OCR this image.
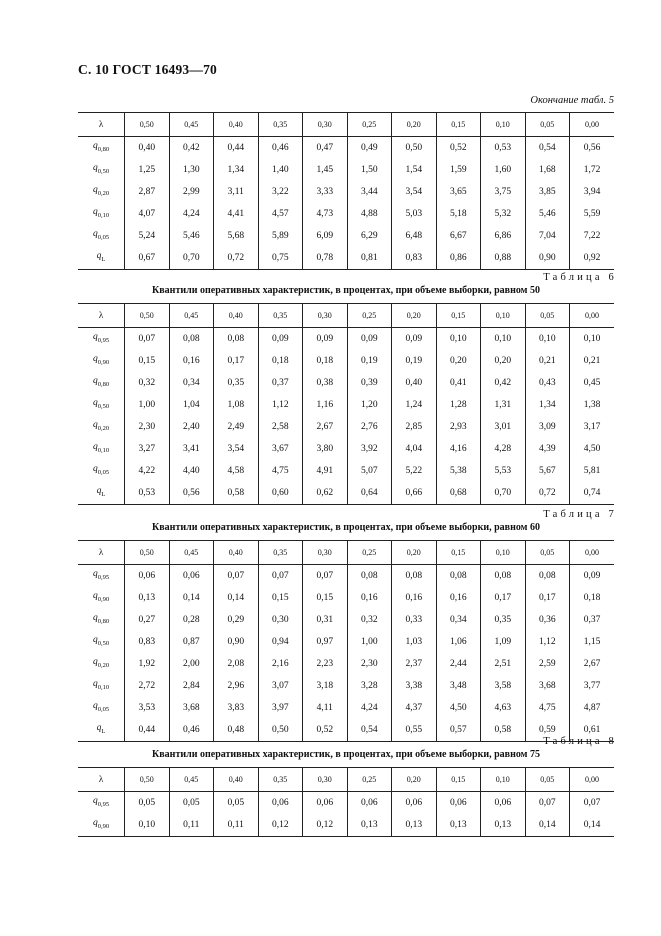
С. 10 ГОСТ 16493—70
Окончание табл. 5
λ	0,50	0,45	0,40	0,35	0,30	0,25	0,20	0,15	0,10	0,05	0,00
$q_{0,80}$	0,40	0,42	0,44	0,46	0,47	0,49	0,50	0,52	0,53	0,54	0,56
$q_{0,50}$	1,25	1,30	1,34	1,40	1,45	1,50	1,54	1,59	1,60	1,68	1,72
$q_{0,20}$	2,87	2,99	3,11	3,22	3,33	3,44	3,54	3,65	3,75	3,85	3,94
$q_{0,10}$	4,07	4,24	4,41	4,57	4,73	4,88	5,03	5,18	5,32	5,46	5,59
$q_{0,05}$	5,24	5,46	5,68	5,89	6,09	6,29	6,48	6,67	6,86	7,04	7,22
$q_L$	0,67	0,70	0,72	0,75	0,78	0,81	0,83	0,86	0,88	0,90	0,92
Таблица 6
Квантили оперативных характеристик, в процентах, при объеме выборки, равном 50
λ	0,50	0,45	0,40	0,35	0,30	0,25	0,20	0,15	0,10	0,05	0,00
$q_{0,95}$	0,07	0,08	0,08	0,09	0,09	0,09	0,09	0,10	0,10	0,10	0,10
$q_{0,90}$	0,15	0,16	0,17	0,18	0,18	0,19	0,19	0,20	0,20	0,21	0,21
$q_{0,80}$	0,32	0,34	0,35	0,37	0,38	0,39	0,40	0,41	0,42	0,43	0,45
$q_{0,50}$	1,00	1,04	1,08	1,12	1,16	1,20	1,24	1,28	1,31	1,34	1,38
$q_{0,20}$	2,30	2,40	2,49	2,58	2,67	2,76	2,85	2,93	3,01	3,09	3,17
$q_{0,10}$	3,27	3,41	3,54	3,67	3,80	3,92	4,04	4,16	4,28	4,39	4,50
$q_{0,05}$	4,22	4,40	4,58	4,75	4,91	5,07	5,22	5,38	5,53	5,67	5,81
$q_L$	0,53	0,56	0,58	0,60	0,62	0,64	0,66	0,68	0,70	0,72	0,74
Таблица 7
Квантили оперативных характеристик, в процентах, при объеме выборки, равном 60
λ	0,50	0,45	0,40	0,35	0,30	0,25	0,20	0,15	0,10	0,05	0,00
$q_{0,95}$	0,06	0,06	0,07	0,07	0,07	0,08	0,08	0,08	0,08	0,08	0,09
$q_{0,90}$	0,13	0,14	0,14	0,15	0,15	0,16	0,16	0,16	0,17	0,17	0,18
$q_{0,80}$	0,27	0,28	0,29	0,30	0,31	0,32	0,33	0,34	0,35	0,36	0,37
$q_{0,50}$	0,83	0,87	0,90	0,94	0,97	1,00	1,03	1,06	1,09	1,12	1,15
$q_{0,20}$	1,92	2,00	2,08	2,16	2,23	2,30	2,37	2,44	2,51	2,59	2,67
$q_{0,10}$	2,72	2,84	2,96	3,07	3,18	3,28	3,38	3,48	3,58	3,68	3,77
$q_{0,05}$	3,53	3,68	3,83	3,97	4,11	4,24	4,37	4,50	4,63	4,75	4,87
$q_L$	0,44	0,46	0,48	0,50	0,52	0,54	0,55	0,57	0,58	0,59	0,61
Таблица 8
Квантили оперативных характеристик, в процентах, при объеме выборки, равном 75
λ	0,50	0,45	0,40	0,35	0,30	0,25	0,20	0,15	0,10	0,05	0,00
$q_{0,95}$	0,05	0,05	0,05	0,06	0,06	0,06	0,06	0,06	0,06	0,07	0,07
$q_{0,90}$	0,10	0,11	0,11	0,12	0,12	0,13	0,13	0,13	0,13	0,14	0,14
